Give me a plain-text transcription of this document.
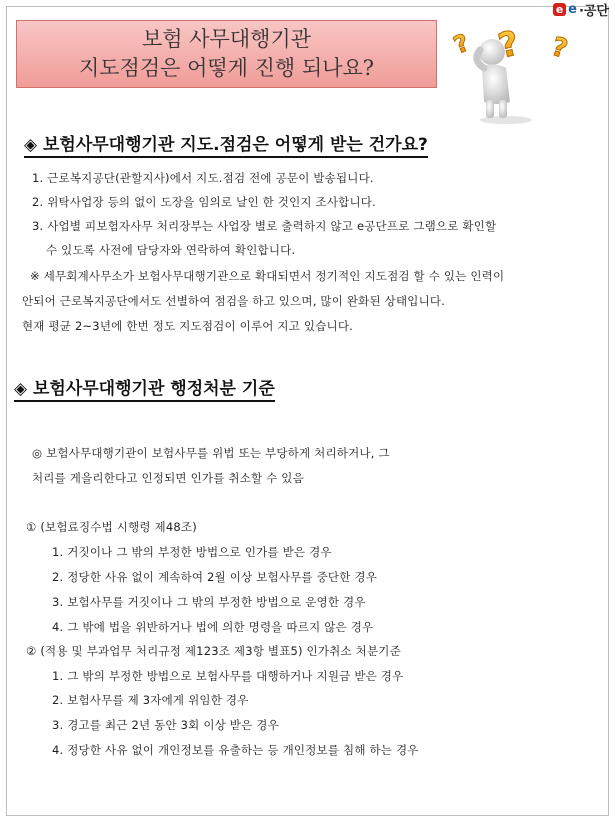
e e ·공단
보험 사무대행기관
지도점검은 어떻게 진행 되나요?
? ?
?
◈ 보험사무대행기관 지도.점검은 어떻게 받는 건가요?
1. 근로복지공단(관할지사)에서 지도.점검 전에 공문이 발송됩니다.
2. 위탁사업장 등의 없이 도장을 임의로 날인 한 것인지 조사합니다.
3. 사업별 피보험자사무 처리장부는 사업장 별로 출력하지 않고 e공단프로 그램으로 확인할
수 있도록 사전에 담당자와 연락하여 확인합니다.
※ 세무회계사무소가 보험사무대행기관으로 확대되면서 정기적인 지도점검 할 수 있는 인력이
안되어 근로복지공단에서도 선별하여 점검을 하고 있으며, 많이 완화된 상태입니다.
현재 평균 2~3년에 한번 정도 지도점검이 이루어 지고 있습니다.
◈ 보험사무대행기관 행정처분 기준
◎ 보험사무대행기관이 보험사무를 위법 또는 부당하게 처리하거나, 그
처리를 게을리한다고 인정되면 인가를 취소할 수 있음
① (보험료징수법 시행령 제48조)
1. 거짓이나 그 밖의 부정한 방법으로 인가를 받은 경우
2. 정당한 사유 없이 계속하여 2월 이상 보험사무를 중단한 경우
3. 보험사무를 거짓이나 그 밖의 부정한 방법으로 운영한 경우
4. 그 밖에 법을 위반하거나 법에 의한 명령을 따르지 않은 경우
② (적용 및 부과업무 처리규정 제123조 제3항 별표5) 인가취소 처분기준
1. 그 밖의 부정한 방법으로 보험사무를 대행하거나 지원금 받은 경우
2. 보험사무를 제 3자에게 위임한 경우
3. 경고를 최근 2년 동안 3회 이상 받은 경우
4. 정당한 사유 없이 개인정보를 유출하는 등 개인정보를 침해 하는 경우
